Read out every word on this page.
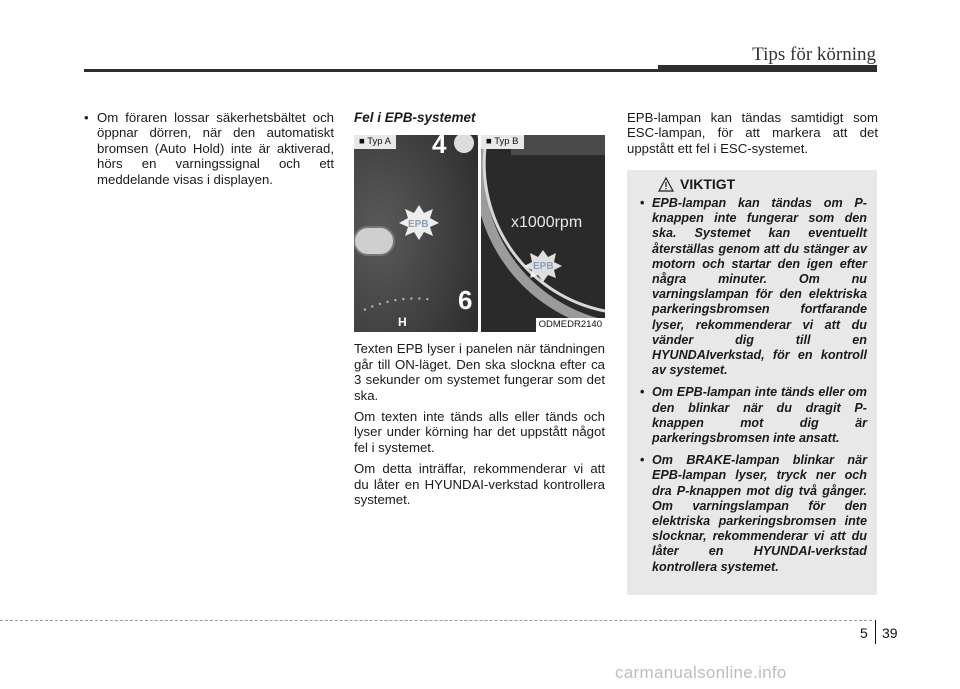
Tips för körning
• Om föraren lossar säkerhetsbältet och öppnar dörren, när den automatiskt bromsen (Auto Hold) inte är aktiverad, hörs en varningssignal och ett meddelande visas i displayen.
Fel i EPB-systemet
■ Typ A	■ Typ B
4
6
H
EPB	x1000rpm
EPB
ODMEDR2140

Texten EPB lyser i panelen när tändningen går till ON-läget. Den ska slockna efter ca 3 sekunder om systemet fungerar som det ska.

Om texten inte tänds alls eller tänds och lyser under körning har det uppstått något fel i systemet.

Om detta inträffar, rekommenderar vi att du låter en HYUNDAI-verkstad kontrollera systemet.

EPB-lampan kan tändas samtidigt som ESC-lampan, för att markera att det uppstått ett fel i ESC-systemet.

VIKTIGT
• EPB-lampan kan tändas om P-knappen inte fungerar som den ska. Systemet kan eventuellt återställas genom att du stänger av motorn och startar den igen efter några minuter. Om nu varningslampan för den elektriska parkeringsbromsen fortfarande lyser, rekommenderar vi att du vänder dig till en HYUNDAIverkstad, för en kontroll av systemet.
• Om EPB-lampan inte tänds eller om den blinkar när du dragit P-knappen mot dig är parkeringsbromsen inte ansatt.
• Om BRAKE-lampan blinkar när EPB-lampan lyser, tryck ner och dra P-knappen mot dig två gånger. Om varningslampan för den elektriska parkeringsbromsen inte slocknar, rekommenderar vi att du låter en HYUNDAI-verkstad kontrollera systemet.
5 39
carmanualsonline.info
